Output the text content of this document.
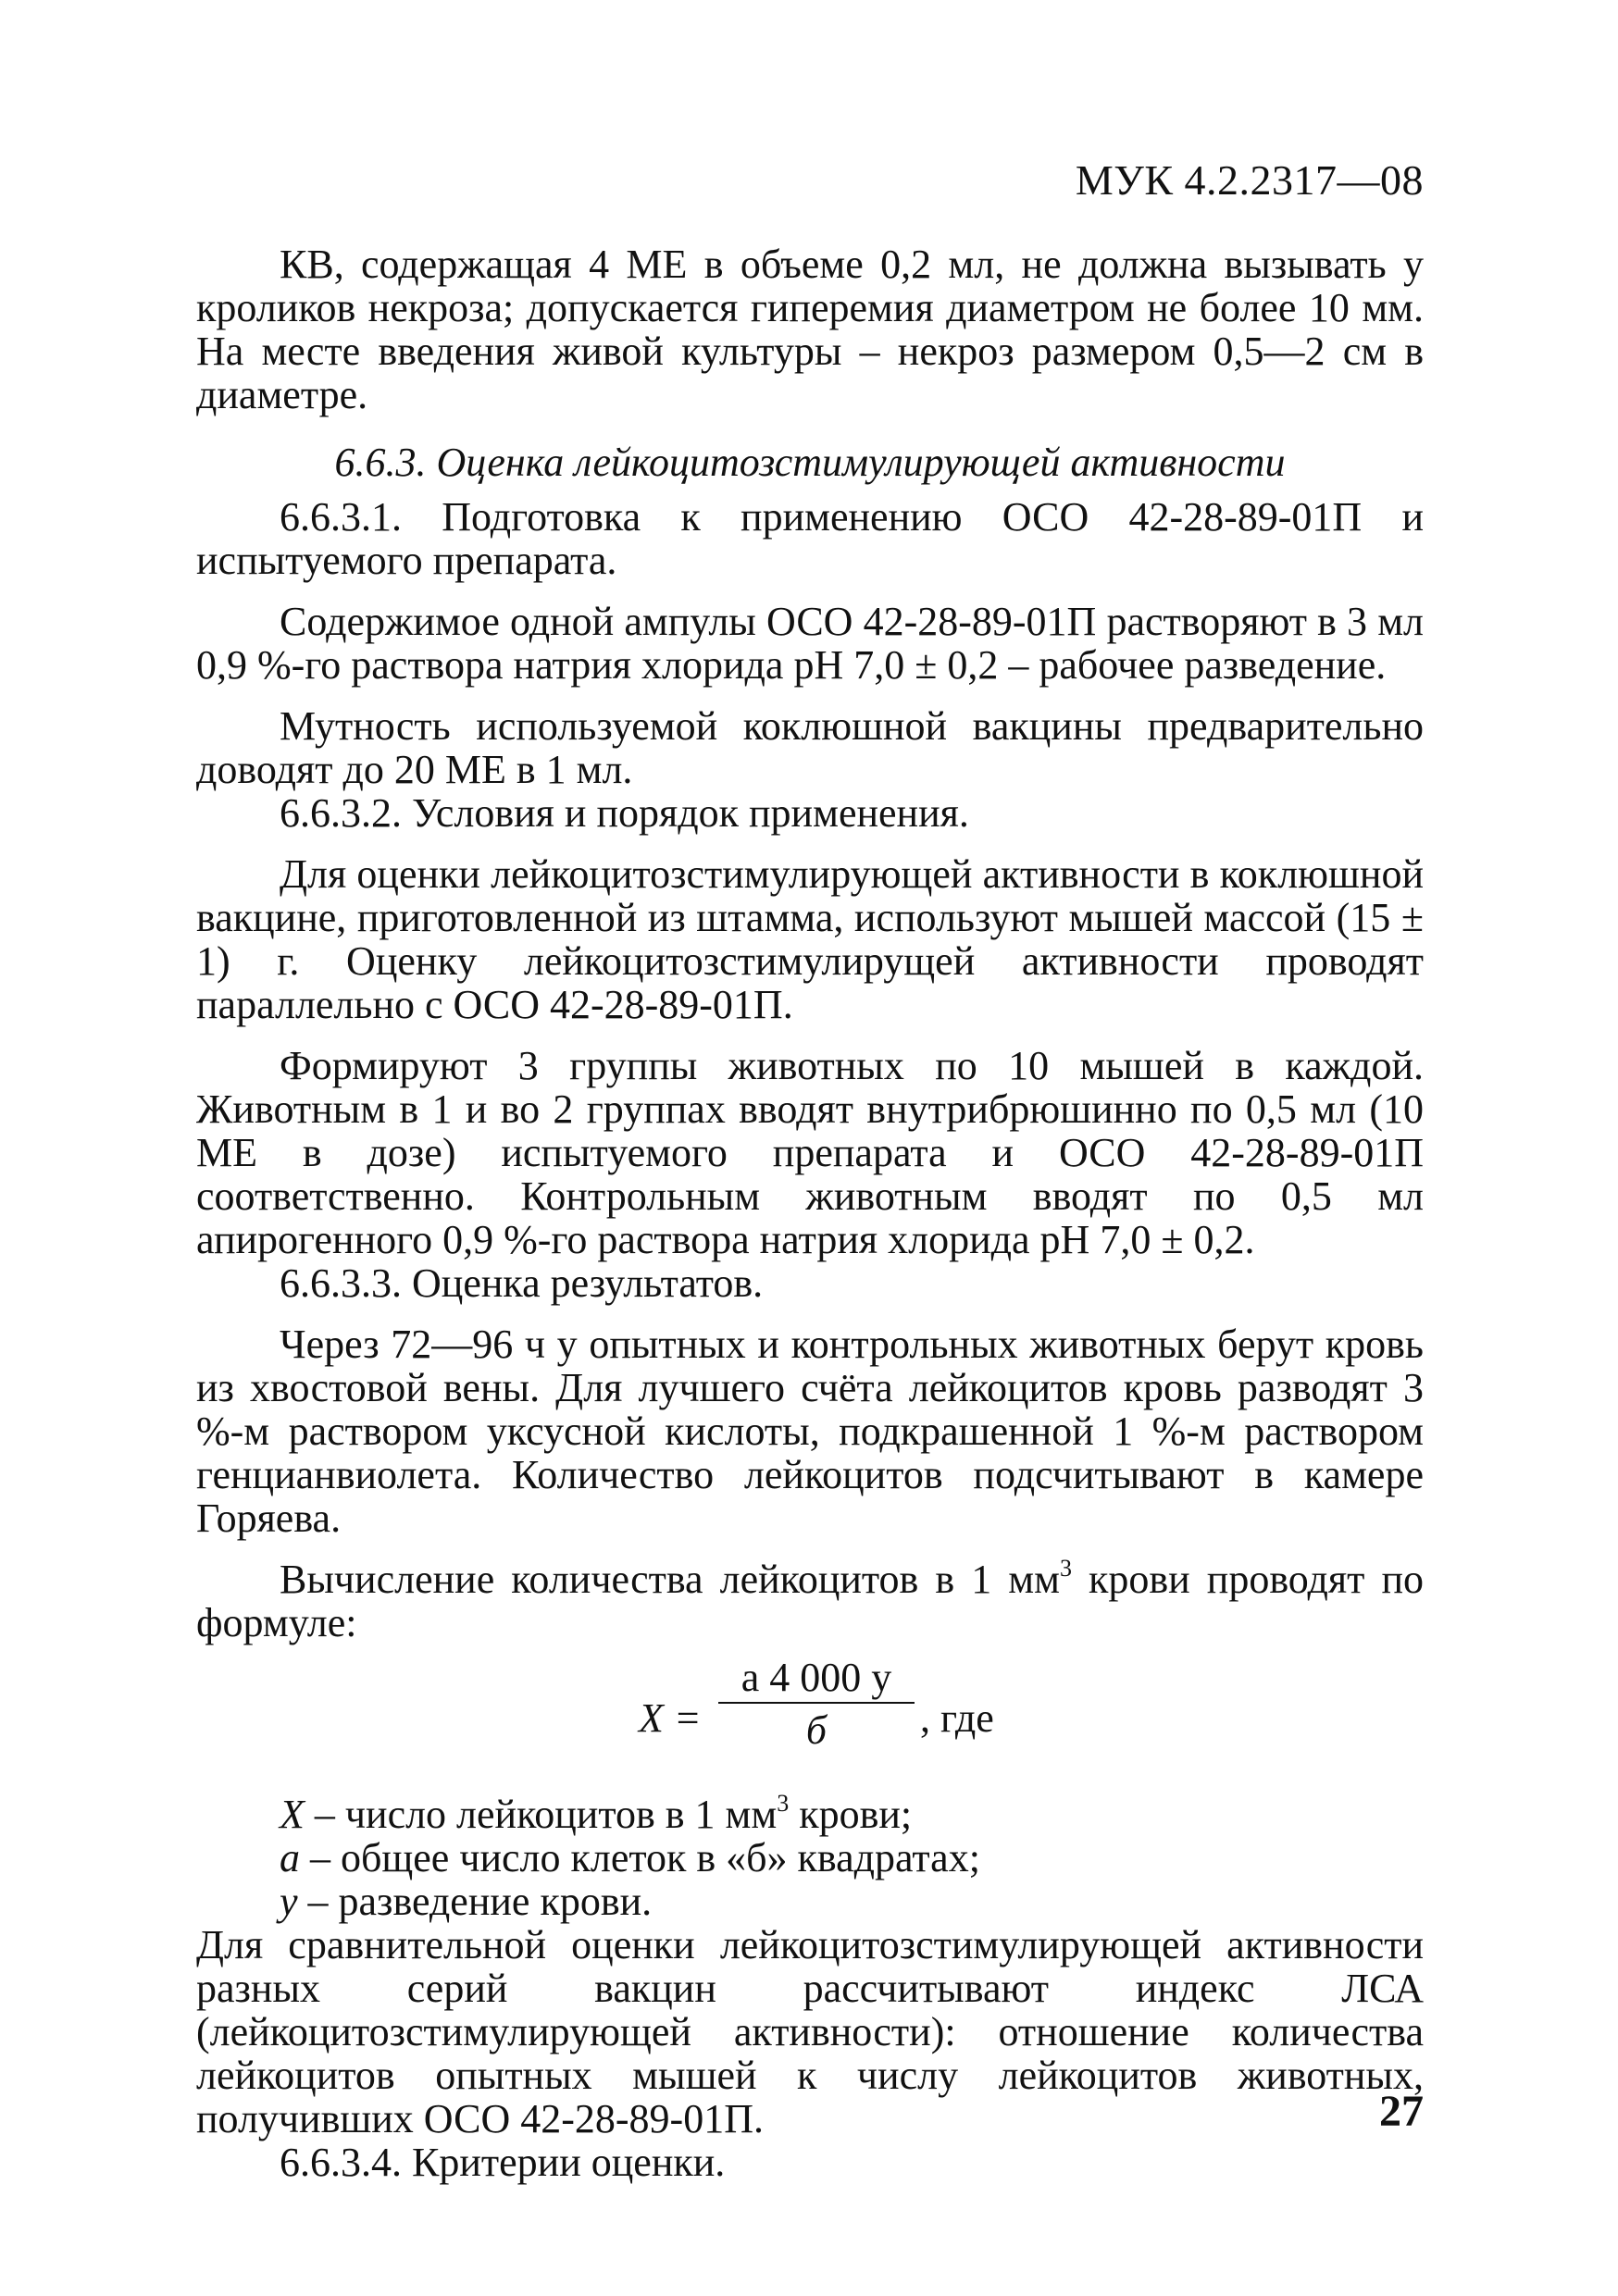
МУК 4.2.2317—08

КВ, содержащая 4 МЕ в объеме 0,2 мл, не должна вызывать у кроликов некроза; допускается гиперемия диаметром не более 10 мм. На месте введения живой культуры – некроз размером 0,5—2 см в диаметре.

6.6.3. Оценка лейкоцитозстимулирующей активности

6.6.3.1. Подготовка к применению ОСО 42-28-89-01П и испытуемого препарата.

Содержимое одной ампулы ОСО 42-28-89-01П растворяют в 3 мл 0,9 %-го раствора натрия хлорида рН 7,0 ± 0,2 – рабочее разведение.

Мутность используемой коклюшной вакцины предварительно доводят до 20 МЕ в 1 мл.

6.6.3.2. Условия и порядок применения.

Для оценки лейкоцитозстимулирующей активности в коклюшной вакцине, приготовленной из штамма, используют мышей массой (15 ± 1) г. Оценку лейкоцитозстимулирущей активности проводят параллельно с ОСО 42-28-89-01П.

Формируют 3 группы животных по 10 мышей в каждой. Животным в 1 и во 2 группах вводят внутрибрюшинно по 0,5 мл (10 МЕ в дозе) испытуемого препарата и ОСО 42-28-89-01П соответственно. Контрольным животным вводят по 0,5 мл апирогенного 0,9 %-го раствора натрия хлорида рН 7,0 ± 0,2.

6.6.3.3. Оценка результатов.

Через 72—96 ч у опытных и контрольных животных берут кровь из хвостовой вены. Для лучшего счёта лейкоцитов кровь разводят 3 %-м раствором уксусной кислоты, подкрашенной 1 %-м раствором генцианвиолета. Количество лейкоцитов подсчитывают в камере Горяева.

Вычисление количества лейкоцитов в 1 $мм^3$ крови проводят по формуле:

X =
a 4 000 y
б	, где

X – число лейкоцитов в 1 $мм^3$ крови;

a – общее число клеток в «б» квадратах;

y – разведение крови.

Для сравнительной оценки лейкоцитозстимулирующей активности разных серий вакцин рассчитывают индекс ЛСА (лейкоцитозстимулирующей активности): отношение количества лейкоцитов опытных мышей к числу лейкоцитов животных, получивших ОСО 42-28-89-01П.

6.6.3.4. Критерии оценки.

27
